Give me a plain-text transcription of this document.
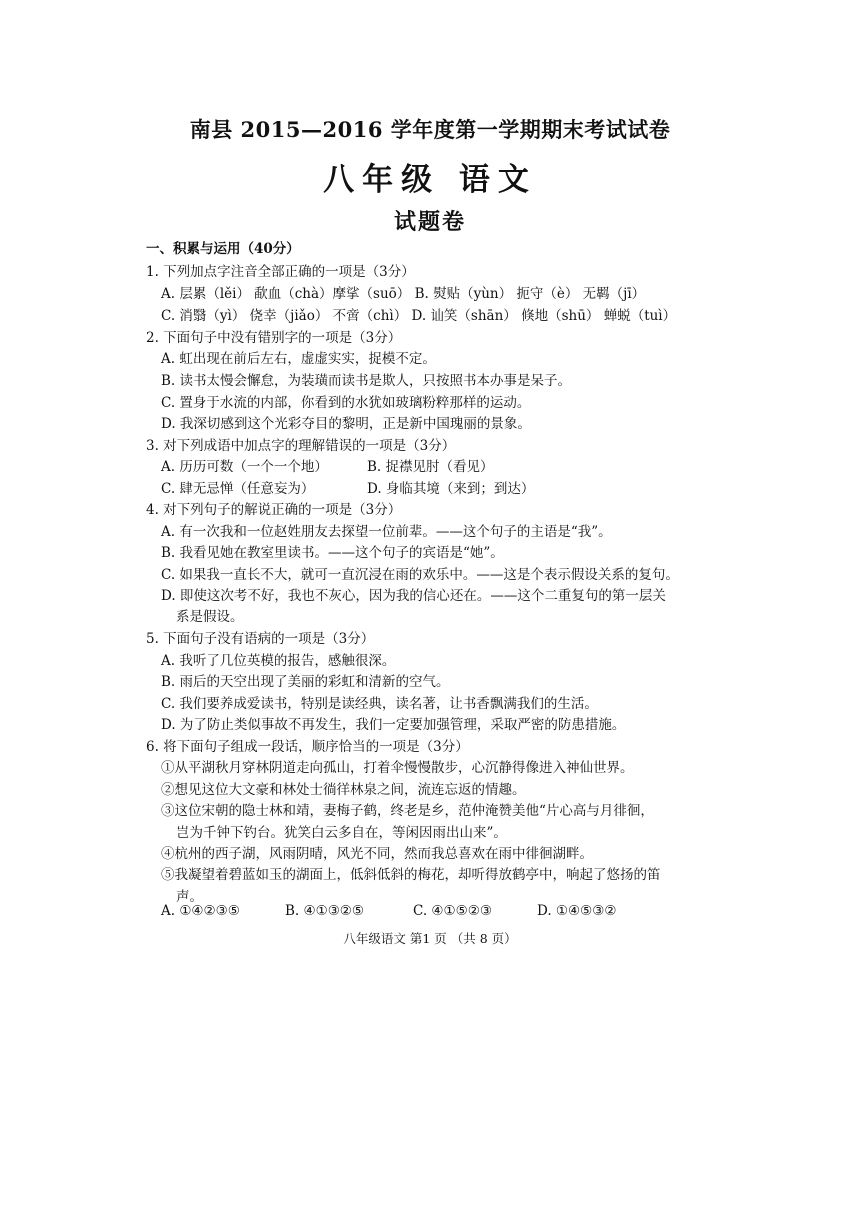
南县 2015—2016 学年度第一学期期末考试试卷
八年级 语文
试题卷
一、积累与运用（40分）
1. 下列加点字注音全部正确的一项是（3分）
A. 层累（lěi） 歃血（chà）摩挲（suō） B. 熨贴（yùn） 扼守（è） 无羁（jī）
C. 消翳（yì） 侥幸（jiǎo） 不啻（chì） D. 讪笑（shān） 倏地（shū） 蝉蜕（tuì）
2. 下面句子中没有错别字的一项是（3分）
A. 虹出现在前后左右，虚虚实实，捉模不定。
B. 读书太慢会懈怠，为装璜而读书是欺人，只按照书本办事是呆子。
C. 置身于水流的内部，你看到的水犹如玻璃粉粹那样的运动。
D. 我深切感到这个光彩夺目的黎明，正是新中国瑰丽的景象。
3. 对下列成语中加点字的理解错误的一项是（3分）
A. 历历可数（一个一个地）	B. 捉襟见肘（看见）
C. 肆无忌惮（任意妄为）	D. 身临其境（来到；到达）
4. 对下列句子的解说正确的一项是（3分）
A. 有一次我和一位赵姓朋友去探望一位前辈。——这个句子的主语是“我”。
B. 我看见她在教室里读书。——这个句子的宾语是“她”。
C. 如果我一直长不大，就可一直沉浸在雨的欢乐中。——这是个表示假设关系的复句。
D. 即使这次考不好，我也不灰心，因为我的信心还在。——这个二重复句的第一层关
系是假设。
5. 下面句子没有语病的一项是（3分）
A. 我听了几位英模的报告，感触很深。
B. 雨后的天空出现了美丽的彩虹和清新的空气。
C. 我们要养成爱读书，特别是读经典，读名著，让书香飘满我们的生活。
D. 为了防止类似事故不再发生，我们一定要加强管理，采取严密的防患措施。
6. 将下面句子组成一段话，顺序恰当的一项是（3分）
①从平湖秋月穿林阴道走向孤山，打着伞慢慢散步，心沉静得像进入神仙世界。
②想见这位大文豪和林处士徜徉林泉之间，流连忘返的情趣。
③这位宋朝的隐士林和靖，妻梅子鹤，终老是乡，范仲淹赞美他“片心高与月徘徊，
岂为千钟下钓台。犹笑白云多自在，等闲因雨出山来”。
④杭州的西子湖，风雨阴晴，风光不同，然而我总喜欢在雨中徘徊湖畔。
⑤我凝望着碧蓝如玉的湖面上，低斜低斜的梅花，却听得放鹤亭中，响起了悠扬的笛
声。
A. ①④②③⑤	B. ④①③②⑤	C. ④①⑤②③	D. ①④⑤③②
八年级语文 第1 页 （共 8 页）
